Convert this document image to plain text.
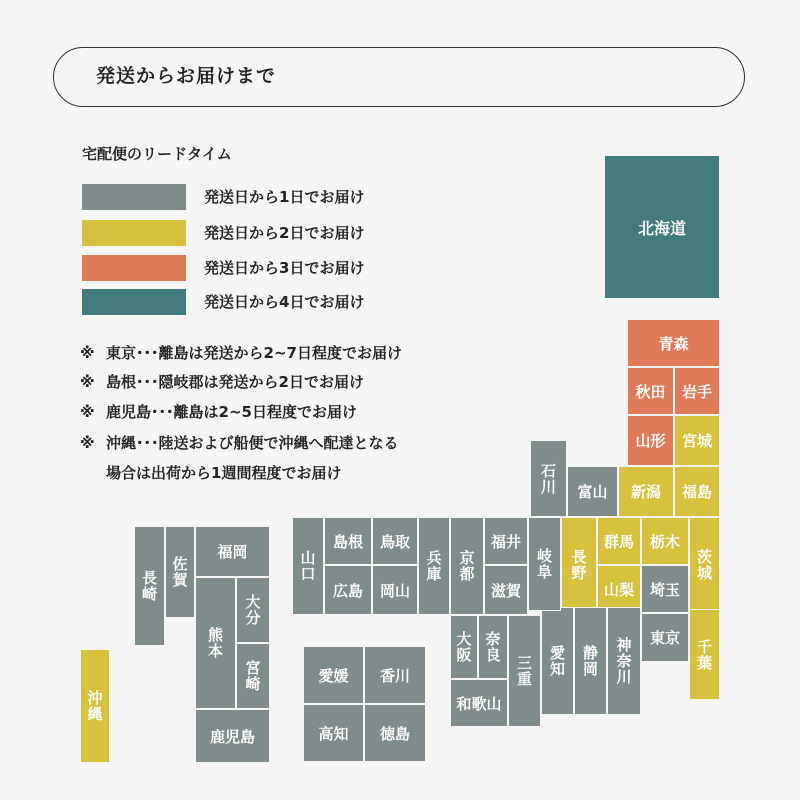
発送からお届けまで
宅配便のリードタイム
発送日から1日でお届け
発送日から2日でお届け
発送日から3日でお届け
発送日から4日でお届け
※ 東京･･･離島は発送から2~7日程度でお届け
※ 島根･･･隠岐郡は発送から2日でお届け
※ 鹿児島･･･離島は2~5日程度でお届け
※ 沖縄･･･陸送および船便で沖縄へ配達となる
場合は出荷から1週間程度でお届け
北海道
青森
秋田 岩手
山形 宮城
新潟 福島
石川 富山
長野
群馬 栃木
茨城
山梨 埼玉
東京
千葉
神奈川
静岡
愛知
岐阜
福井
滋賀
京都
兵庫
三重
奈良
大阪
和歌山
島根 鳥取
広島 岡山
山口
愛媛 香川
高知 徳島
福岡
佐賀
長崎
大分
熊本
宮崎
鹿児島
沖縄
